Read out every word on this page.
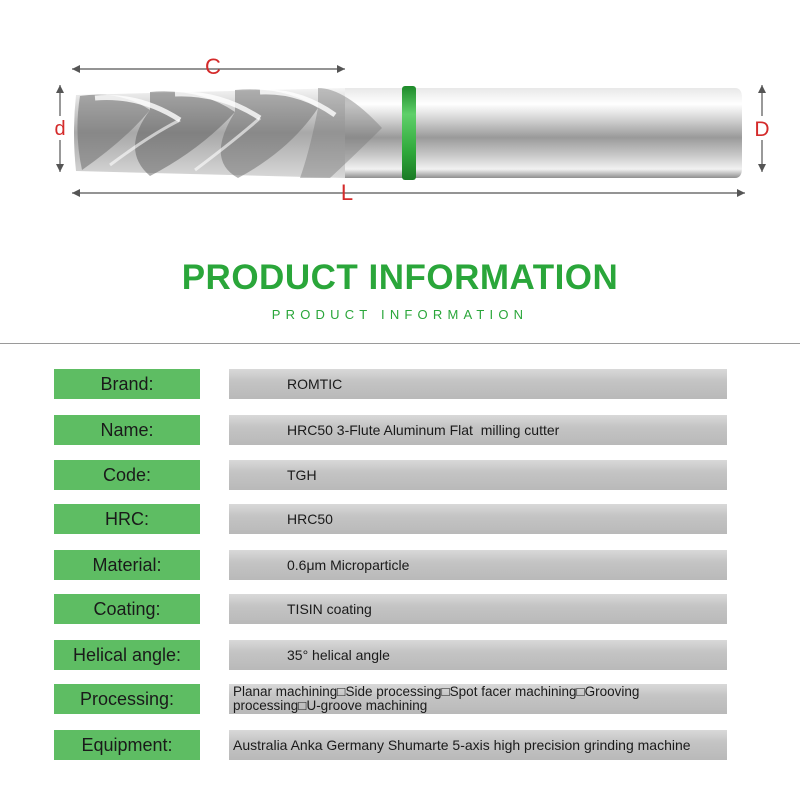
C
L
d	D
PRODUCT INFORMATION
PRODUCT INFORMATION
Brand:	ROMTIC
Name:	HRC50 3-Flute Aluminum Flat  milling cutter
Code:	TGH
HRC:	HRC50
Material:	0.6μm Microparticle
Coating:	TISIN coating
Helical angle:	35° helical angle
Processing:	Planar machining□Side processing□Spot facer machining□Grooving processing□U-groove machining
Equipment:	Australia Anka Germany Shumarte 5-axis high precision grinding machine
